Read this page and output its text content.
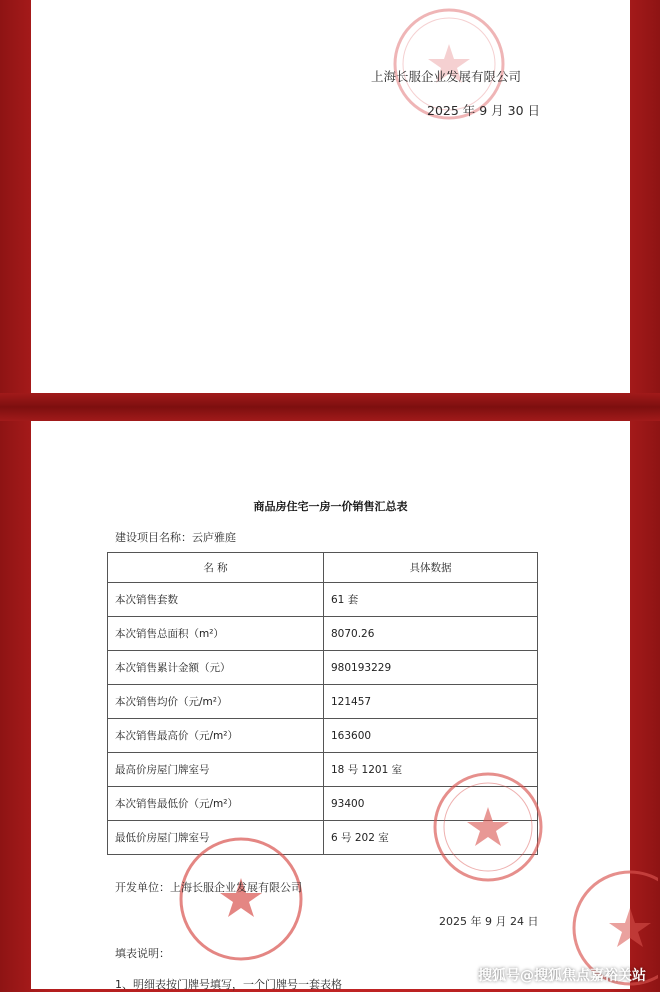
上海长服企业发展有限公司
2025 年 9 月 30 日
商品房住宅一房一价销售汇总表
建设项目名称：云庐雅庭
名 称	具体数据
本次销售套数	61 套
本次销售总面积（m²）	8070.26
本次销售累计金额（元）	980193229
本次销售均价（元/m²）	121457
本次销售最高价（元/m²）	163600
最高价房屋门牌室号	18 号 1201 室
本次销售最低价（元/m²）	93400
最低价房屋门牌室号	6 号 202 室
开发单位：上海长服企业发展有限公司
2025 年 9 月 24 日
填表说明：
1、明细表按门牌号填写，一个门牌号一套表格
搜狐号@搜狐焦点嘉裕关站
